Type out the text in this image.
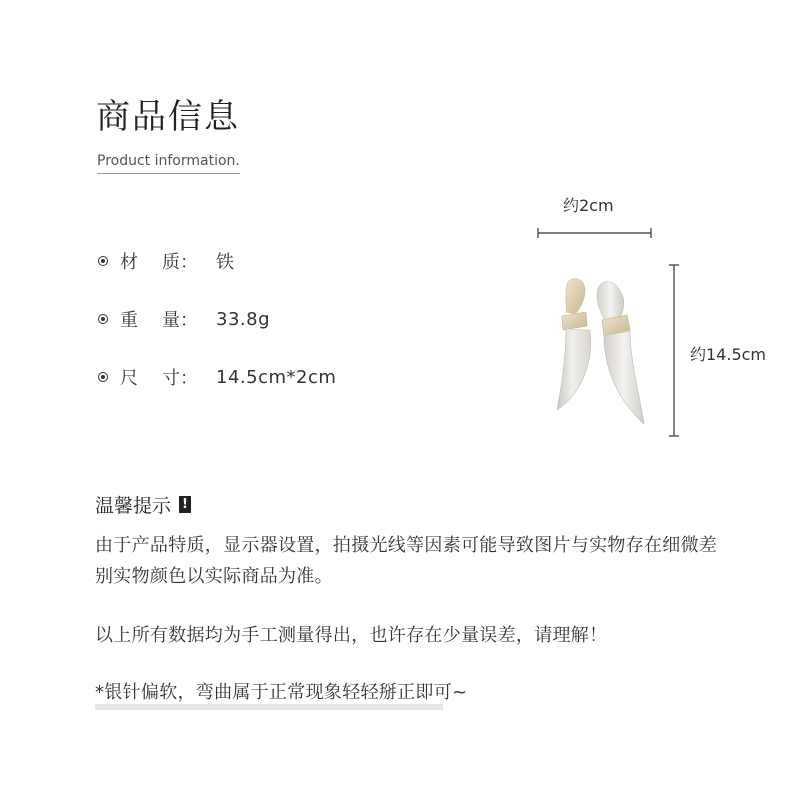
商品信息
Product information.
材 质：	铁
重 量：	33.8g
尺 寸：	14.5cm*2cm
约2cm
约14.5cm
温馨提示 !

由于产品特质，显示器设置，拍摄光线等因素可能导致图片与实物存在细微差别实物颜色以实际商品为准。

以上所有数据均为手工测量得出，也许存在少量误差，请理解！

*银针偏软，弯曲属于正常现象轻轻掰正即可~
